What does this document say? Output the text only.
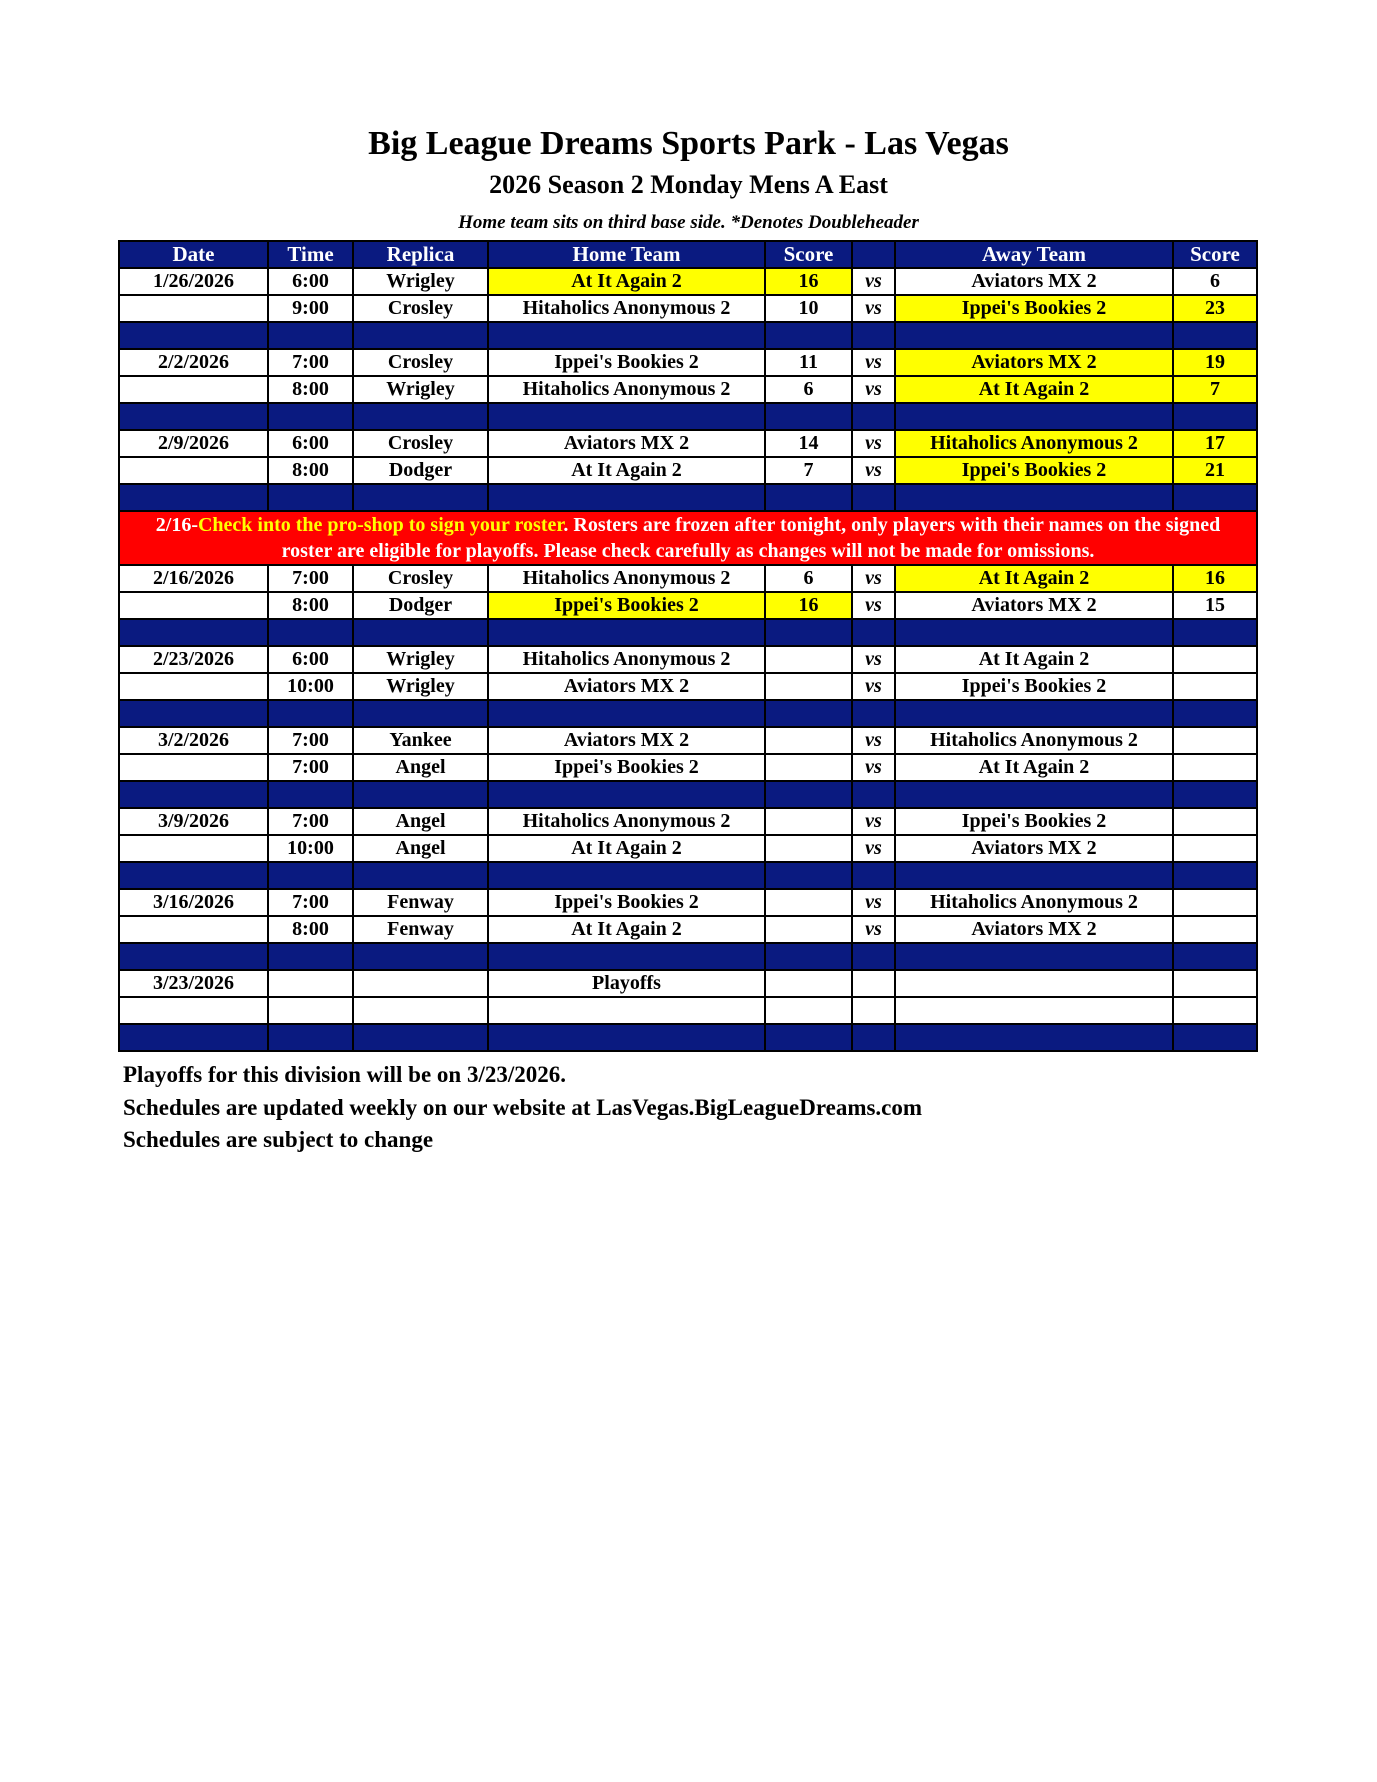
Big League Dreams Sports Park - Las Vegas
2026 Season 2 Monday Mens A East
Home team sits on third base side. *Denotes Doubleheader
Date	Time	Replica	Home Team	Score		Away Team	Score
1/26/2026	6:00	Wrigley	At It Again 2	16	vs	Aviators MX 2	6
	9:00	Crosley	Hitaholics Anonymous 2	10	vs	Ippei's Bookies 2	23

2/2/2026	7:00	Crosley	Ippei's Bookies 2	11	vs	Aviators MX 2	19
	8:00	Wrigley	Hitaholics Anonymous 2	6	vs	At It Again 2	7

2/9/2026	6:00	Crosley	Aviators MX 2	14	vs	Hitaholics Anonymous 2	17
	8:00	Dodger	At It Again 2	7	vs	Ippei's Bookies 2	21

2/16-Check into the pro-shop to sign your roster. Rosters are frozen after tonight, only players with their names on the signed roster are eligible for playoffs. Please check carefully as changes will not be made for omissions.							
2/16/2026	7:00	Crosley	Hitaholics Anonymous 2	6	vs	At It Again 2	16
	8:00	Dodger	Ippei's Bookies 2	16	vs	Aviators MX 2	15

2/23/2026	6:00	Wrigley	Hitaholics Anonymous 2		vs	At It Again 2	
	10:00	Wrigley	Aviators MX 2		vs	Ippei's Bookies 2	

3/2/2026	7:00	Yankee	Aviators MX 2		vs	Hitaholics Anonymous 2	
	7:00	Angel	Ippei's Bookies 2		vs	At It Again 2	

3/9/2026	7:00	Angel	Hitaholics Anonymous 2		vs	Ippei's Bookies 2	
	10:00	Angel	At It Again 2		vs	Aviators MX 2	

3/16/2026	7:00	Fenway	Ippei's Bookies 2		vs	Hitaholics Anonymous 2	
	8:00	Fenway	At It Again 2		vs	Aviators MX 2	

3/23/2026			Playoffs				

Playoffs for this division will be on 3/23/2026.
Schedules are updated weekly on our website at LasVegas.BigLeagueDreams.com
Schedules are subject to change
